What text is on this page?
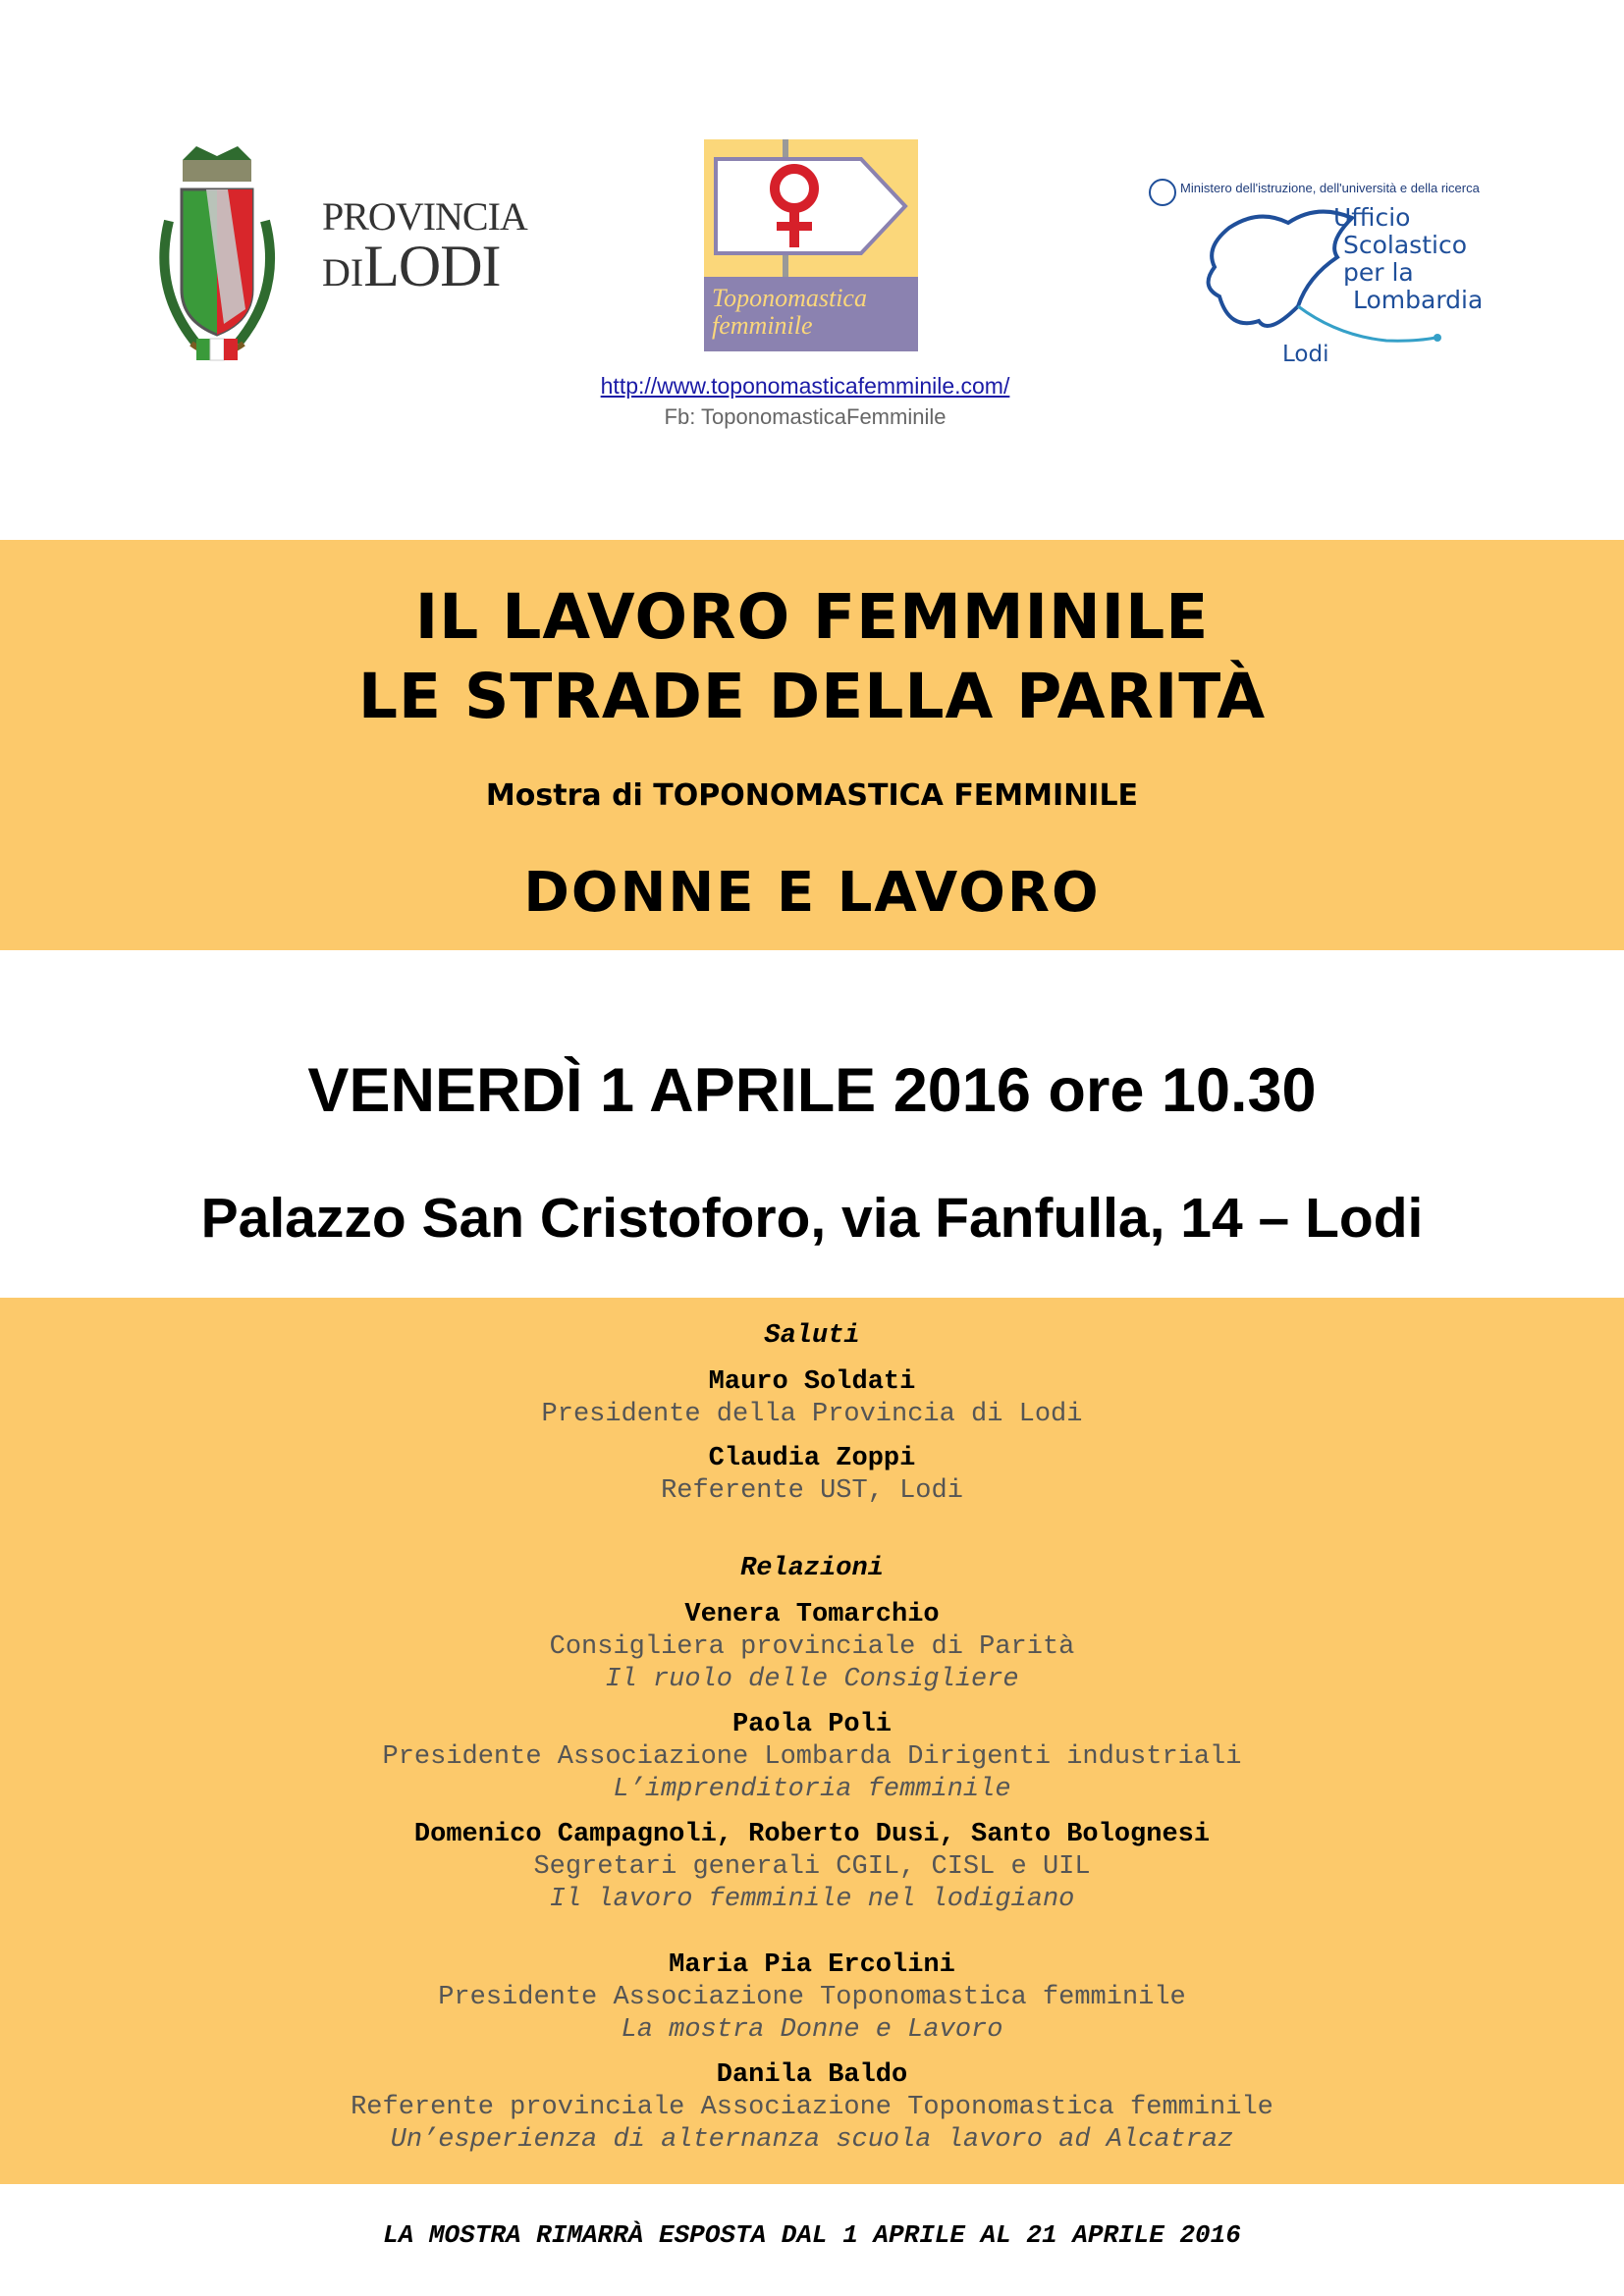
PROVINCIA
DILODI	Toponomastica
femminile
Ministero dell'istruzione, dell'università e della ricerca
Ufficio
Scolastico
per la
Lombardia
Lodi
http://www.toponomasticafemminile.com/
Fb: ToponomasticaFemminile
IL LAVORO FEMMINILE
LE STRADE DELLA PARITÀ
Mostra di TOPONOMASTICA FEMMINILE
DONNE E LAVORO
VENERDÌ 1 APRILE 2016 ore 10.30
Palazzo San Cristoforo, via Fanfulla, 14 – Lodi
Saluti
Mauro Soldati
Presidente della Provincia di Lodi
Claudia Zoppi
Referente UST, Lodi
Relazioni
Venera Tomarchio
Consigliera provinciale di Parità
Il ruolo delle Consigliere
Paola Poli
Presidente Associazione Lombarda Dirigenti industriali
L’imprenditoria femminile
Domenico Campagnoli, Roberto Dusi, Santo Bolognesi
Segretari generali CGIL, CISL e UIL
Il lavoro femminile nel lodigiano
Maria Pia Ercolini
Presidente Associazione Toponomastica femminile
La mostra Donne e Lavoro
Danila Baldo
Referente provinciale Associazione Toponomastica femminile
Un’esperienza di alternanza scuola lavoro ad Alcatraz
LA MOSTRA RIMARRÀ ESPOSTA DAL 1 APRILE AL 21 APRILE 2016
